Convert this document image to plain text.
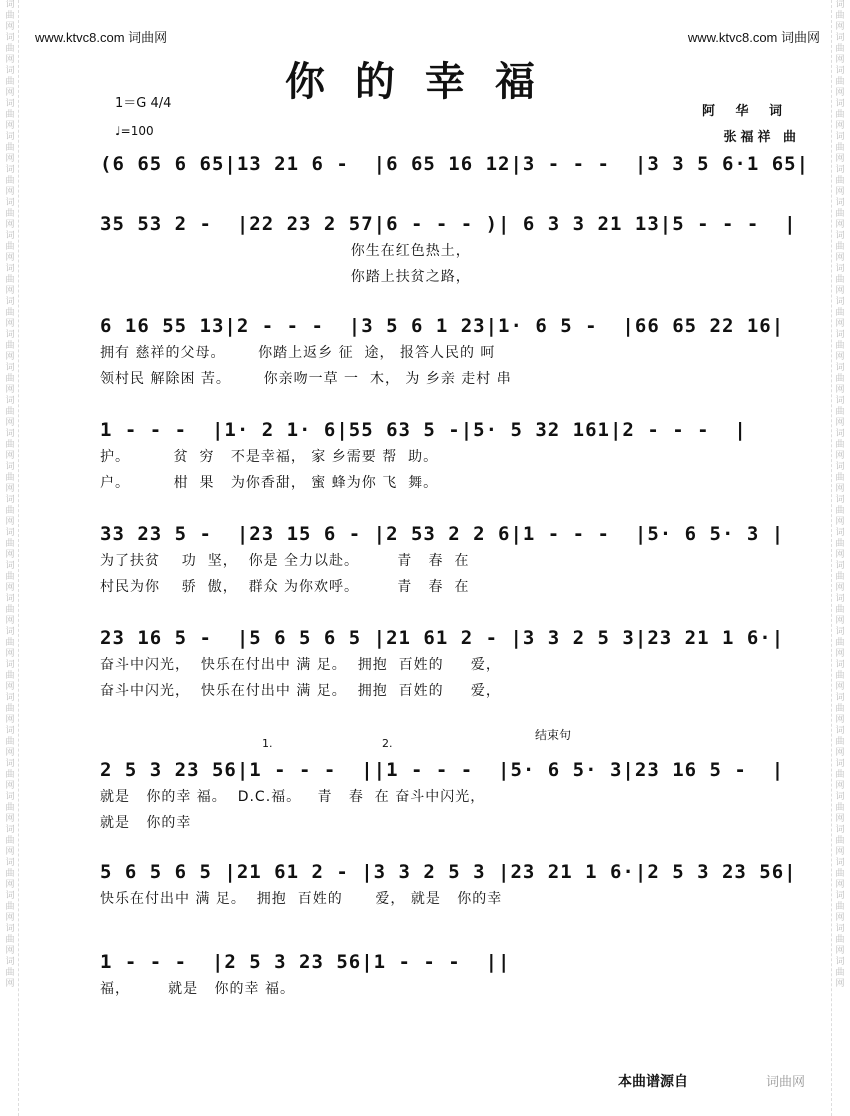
词曲网词曲网词曲网词曲网词曲网词曲网词曲网词曲网词曲网词曲网词曲网词曲网词曲网词曲网词曲网词曲网词曲网词曲网词曲网词曲网词曲网词曲网词曲网词曲网词曲网词曲网词曲网词曲网词曲网词曲网
词曲网词曲网词曲网词曲网词曲网词曲网词曲网词曲网词曲网词曲网词曲网词曲网词曲网词曲网词曲网词曲网词曲网词曲网词曲网词曲网词曲网词曲网词曲网词曲网词曲网词曲网词曲网词曲网词曲网词曲网
www.ktvc8.com 词曲网	www.ktvc8.com 词曲网
你的幸福
1＝G 4/4
♩=100
阿 华 词
张福祥 曲
(6 65 6 65|13 21 6 -  |6 65 16 12|3 - - -  |3 3 5 6·1 65|
35 53 2 -  |22 23 2 57|6 - - - )| 6 3 3 21 13|5 - - -  |
你生在红色热土，
你踏上扶贫之路，
6 16 55 13|2 - - -  |3 5 6 1 23|1· 6 5 -  |66 65 22 16|
拥有 慈祥的父母。      你踏上返乡 征  途， 报答人民的 呵
领村民 解除困 苦。      你亲吻一草 一  木， 为 乡亲 走村 串
1 - - -  |1· 2 1· 6|55 63 5 -|5· 5 32 161|2 - - -  |
护。        贫  穷   不是幸福， 家 乡需要 帮  助。
户。        柑  果   为你香甜， 蜜 蜂为你 飞  舞。
33 23 5 -  |23 15 6 - |2 53 2 2 6|1 - - -  |5· 6 5· 3 |
为了扶贫    功  坚，  你是 全力以赴。       青   春  在
村民为你    骄  傲，  群众 为你欢呼。       青   春  在
23 16 5 -  |5 6 5 6 5 |21 61 2 - |3 3 2 5 3|23 21 1 6·|
奋斗中闪光，  快乐在付出中 满 足。  拥抱  百姓的     爱，
奋斗中闪光，  快乐在付出中 满 足。  拥抱  百姓的     爱，
1.	2.
结束句
2 5 3 23 56|1 - - -  ||1 - - -  |5· 6 5· 3|23 16 5 -  |
就是   你的幸 福。  D.C.福。   青   春  在 奋斗中闪光，
就是   你的幸
5 6 5 6 5 |21 61 2 - |3 3 2 5 3 |23 21 1 6·|2 5 3 23 56|
快乐在付出中 满 足。  拥抱  百姓的      爱， 就是   你的幸
1 - - -  |2 5 3 23 56|1 - - -  ||
福，       就是   你的幸 福。
本曲谱源自	词曲网
